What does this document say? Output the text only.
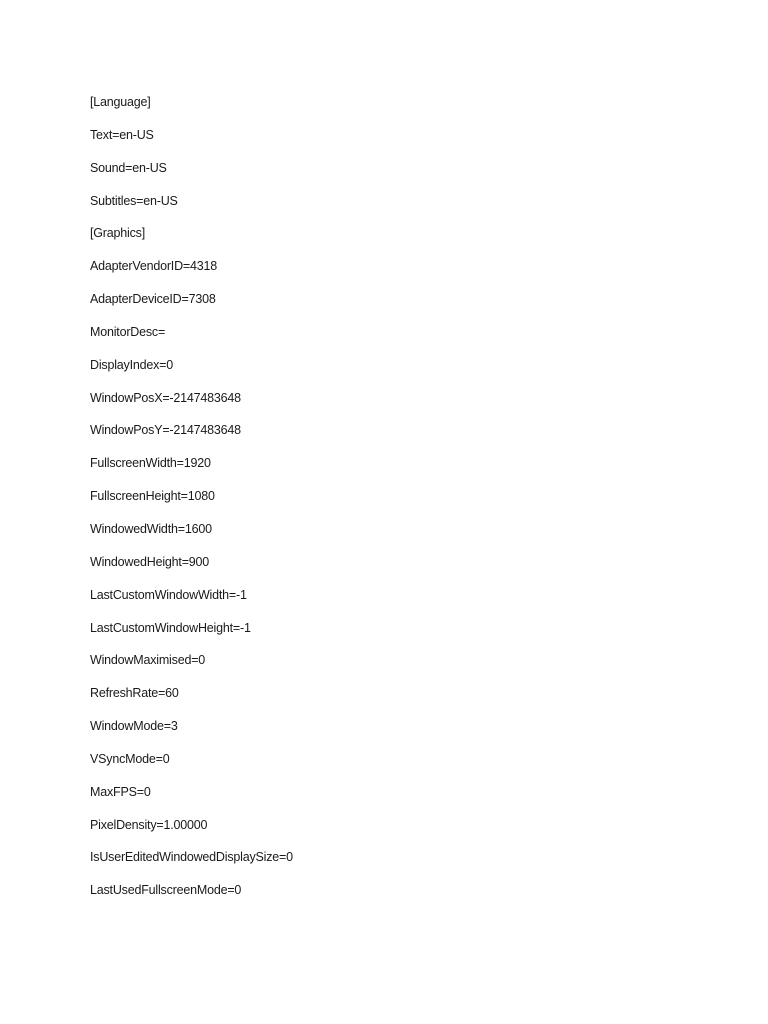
[Language]
Text=en-US
Sound=en-US
Subtitles=en-US
[Graphics]
AdapterVendorID=4318
AdapterDeviceID=7308
MonitorDesc=
DisplayIndex=0
WindowPosX=-2147483648
WindowPosY=-2147483648
FullscreenWidth=1920
FullscreenHeight=1080
WindowedWidth=1600
WindowedHeight=900
LastCustomWindowWidth=-1
LastCustomWindowHeight=-1
WindowMaximised=0
RefreshRate=60
WindowMode=3
VSyncMode=0
MaxFPS=0
PixelDensity=1.00000
IsUserEditedWindowedDisplaySize=0
LastUsedFullscreenMode=0
